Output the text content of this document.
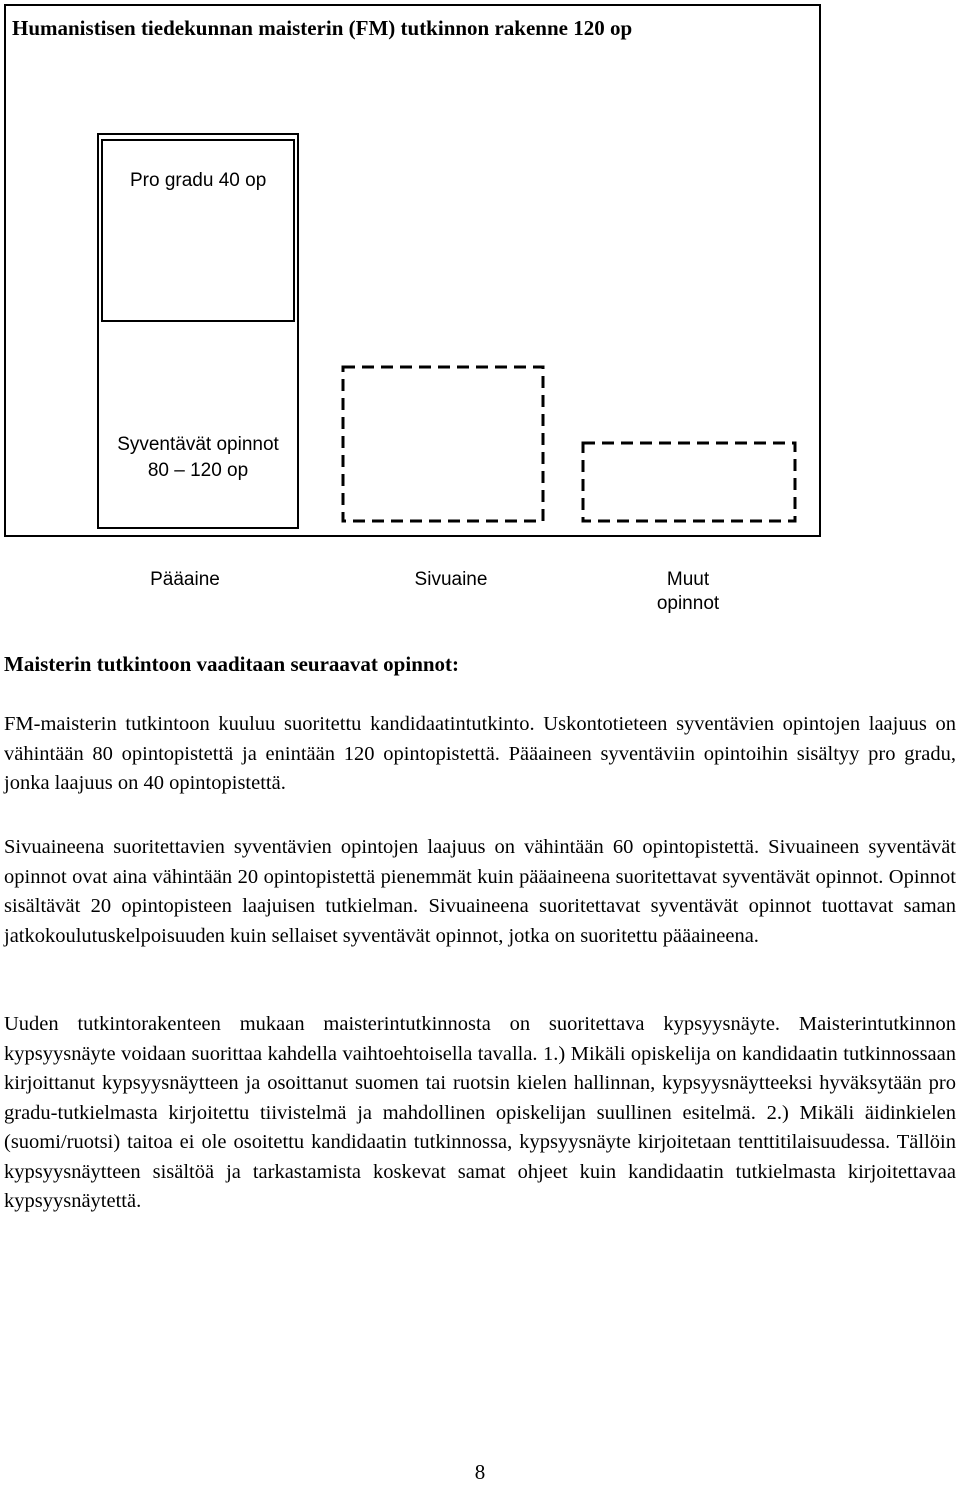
Humanistisen tiedekunnan maisterin (FM) tutkinnon rakenne 120 op
Pro gradu 40 op
Syventävät opinnot
80 – 120 op
Pääaine	Sivuaine	Muut
opinnot
Maisterin tutkintoon vaaditaan seuraavat opinnot:

FM-maisterin tutkintoon kuuluu suoritettu kandidaatintutkinto. Uskontotieteen syventävien opintojen laajuus on vähintään 80 opintopistettä ja enintään 120 opintopistettä. Pääaineen syventäviin opintoihin sisältyy pro gradu, jonka laajuus on 40 opintopistettä.

Sivuaineena suoritettavien syventävien opintojen laajuus on vähintään 60 opintopistettä. Sivuaineen syventävät opinnot ovat aina vähintään 20 opintopistettä pienemmät kuin pääaineena suoritettavat syventävät opinnot. Opinnot sisältävät 20 opintopisteen laajuisen tutkielman. Sivuaineena suoritettavat syventävät opinnot tuottavat saman jatkokoulutuskelpoisuuden kuin sellaiset syventävät opinnot, jotka on suoritettu pääaineena.

Uuden tutkintorakenteen mukaan maisterintutkinnosta on suoritettava kypsyysnäyte. Maisterintutkinnon kypsyysnäyte voidaan suorittaa kahdella vaihtoehtoisella tavalla. 1.) Mikäli opiskelija on kandidaatin tutkinnossaan kirjoittanut kypsyysnäytteen ja osoittanut suomen tai ruotsin kielen hallinnan, kypsyysnäytteeksi hyväksytään pro gradu-tutkielmasta kirjoitettu tiivistelmä ja mahdollinen opiskelijan suullinen esitelmä. 2.) Mikäli äidinkielen (suomi/ruotsi) taitoa ei ole osoitettu kandidaatin tutkinnossa, kypsyysnäyte kirjoitetaan tenttitilaisuudessa. Tällöin kypsyysnäytteen sisältöä ja tarkastamista koskevat samat ohjeet kuin kandidaatin tutkielmasta kirjoitettavaa kypsyysnäytettä.

8
